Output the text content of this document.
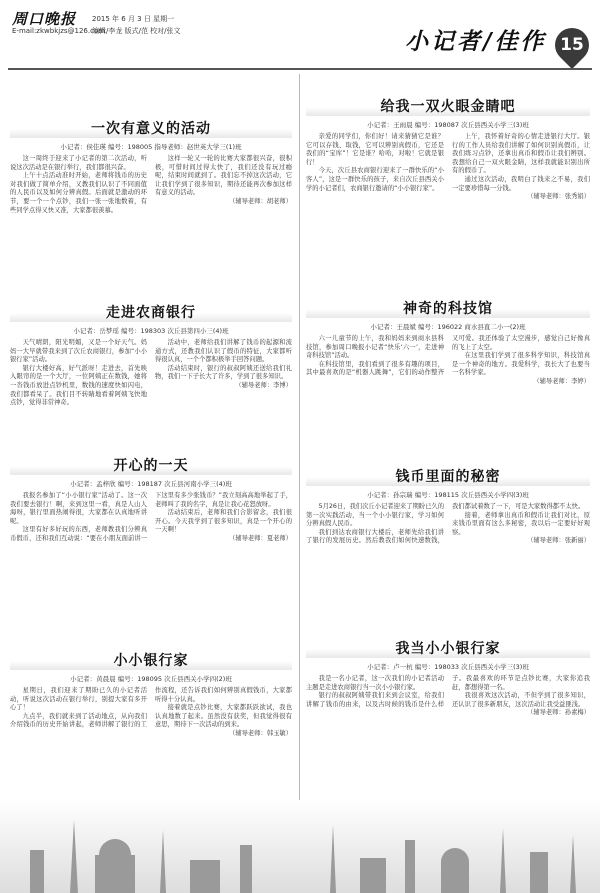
周口晚报
E-mail:zkwbkjzs@126.com
2015 年 6 月 3 日 星期一
编辑/李龙 版式/范 校对/张文	小记者/佳作 15
一次有意义的活动
小记者：侯佳瑛 编号：198005 指导老师：赵世英大学三(1)班

这一周终于迎来了小记者的第二次活动，听说这次活动是在银行举行，我们都很兴奋。

上午十点活动准时开始，老师将钱币的历史对我们做了简单介绍，又教我们认识了不同面值的人民币以及如何分辨真假。后面就是激动的环节，要一个一个点钞，我们一张一张地数着，有些同学点得又快又准，大家都很羡慕。

这样一轮又一轮的比赛大家都很兴奋，很积极，可惜时间过得太快了，我们还没有玩过瘾呢，结束时间就到了。我们忘不掉这次活动，它让我们学到了很多知识，期待还能再次参加这样有意义的活动。

（辅导老师：胡老师）

走进农商银行
小记者：岳梦瑶 编号：198303 次丘县第四小三(4)班

天气晴朗，阳光明媚，又是一个好天气。妈妈一大早就带我来到了次丘农商银行，参加“小小银行家”活动。

银行大楼好高，好气派呀！走进去，首先映入眼帘的是一个大厅，一位阿姨正在数钱，她将一沓钱币放进点钞机里，数钱的速度快如闪电，我们都看呆了。我们目不转睛地看着阿姨飞快地点钞，觉得非常神奇。

活动中，老师给我们讲解了钱币的起源和流通方式，还教我们认识了假币的特征，大家都听得很认真，一个个都积极举手回答问题。

活动结束时，银行的叔叔阿姨还送给我们礼物，我们一下子长大了许多，学到了很多知识。

（辅导老师：李博）

开心的一天
小记者：孟梓欣 编号：198187 次丘县河南小学三(4)班

我报名参加了“小小银行家”活动了。这一次我们要去银行！啊，来到这里一看，真是人山人海呀，银行里面热闹得很，大家都在认真地听讲呢。

这里有好多好玩的东西，老师教我们分辨真币假币，还和我们互动说：“要在小朋友面前讲一下这里有多少张钱币？”我立刻高高地举起了手，老师叫了我的名字，真是让我心花怒放呀。

活动结束后，老师和我们合影留念，我们很开心。今天我学到了很多知识，真是一个开心的一天啊！

（辅导老师：夏老师）

小小银行家
小记者：黄晨晨 编号：198095 次丘县西关小学四(2)班

星期日，我们迎来了期盼已久的小记者活动，听说这次活动在银行举行，别提大家有多开心了！

九点半，我们就来到了活动地点，从向我们介绍钱币的历史开始讲起，老师讲解了银行的工作流程，还告诉我们如何辨别真假钱币，大家都听得十分认真。

接着就是点钞比赛，大家都跃跃欲试，我也认真地数了起来。虽然没有获奖，但我觉得很有意思，期待下一次活动的到来。

（辅导老师：韩玉敏）

给我一双火眼金睛吧
小记者：王雨晨 编号：198087 次丘县西关小学三(3)班

亲爱的同学们，你们好！请来猜猜它是谁？它可以存钱、取钱，它可以辨别真假币，它还是我们的“宝库”！它是谁？哈哈，对啦！它就是银行！

今天，次丘县农商银行迎来了一群快乐的“小客人”，这是一群快乐的孩子，来自次丘县西关小学的小记者们，农商银行邀请的“小小银行家”。

上午，我怀着好奇的心情走进银行大厅。银行的工作人员给我们讲解了如何识别真假币，让我们练习点钞，还拿出真币和假币让我们辨别。我想给自己一双火眼金睛，这样我就能识别出所有的假币了。

通过这次活动，我明白了钱来之不易，我们一定要珍惜每一分钱。

（辅导老师：张秀娟）

神奇的科技馆
小记者：王晨斌 编号：196022 商水县直二小一(2)班

六一儿童节的上午，我和妈妈来到商水县科技馆，参加周口晚报小记者“快乐‘六一’，走进神奇科技馆”活动。

在科技馆里，我们看到了很多有趣的项目，其中最喜欢的是“机器人跳舞”，它们的动作整齐又可爱。我还体验了太空漫步，感觉自己好像真的飞上了太空。

在这里我们学到了很多科学知识，科技馆真是一个神奇的地方。我爱科学，我长大了也要当一名科学家。

（辅导老师：李婷）

钱币里面的秘密
小记者：孙宗瑞 编号：198115 次丘县西关小学四(3)班

5月26日，我们次丘小记者迎来了期盼已久的第一次实践活动，当一个小小银行家，学习如何分辨真假人民币。

我们到达农商银行大楼后，老师先给我们讲了银行的发展历史。然后教我们如何快速数钱，我们都试着数了一下，可是大家数得都不太快。

接着，老师拿出真币和假币让我们对比，原来钱币里面有这么多秘密，我以后一定要好好观察。

（辅导老师：张新丽）

我当小小银行家
小记者：卢一杭 编号：198033 次丘县西关小学三(3)班

我是一名小记者，这一次我们的小记者活动主题是走进农商银行当一次小小银行家。

银行的叔叔阿姨带我们来到会议室，给我们讲解了钱币的由来，以及古时候的钱币是什么样子。我最喜欢的环节是点钞比赛，大家你追我赶，都想得第一名。

我很喜欢这次活动，不但学到了很多知识，还认识了很多新朋友，这次活动让我受益匪浅。

（辅导老师：孙素梅）
